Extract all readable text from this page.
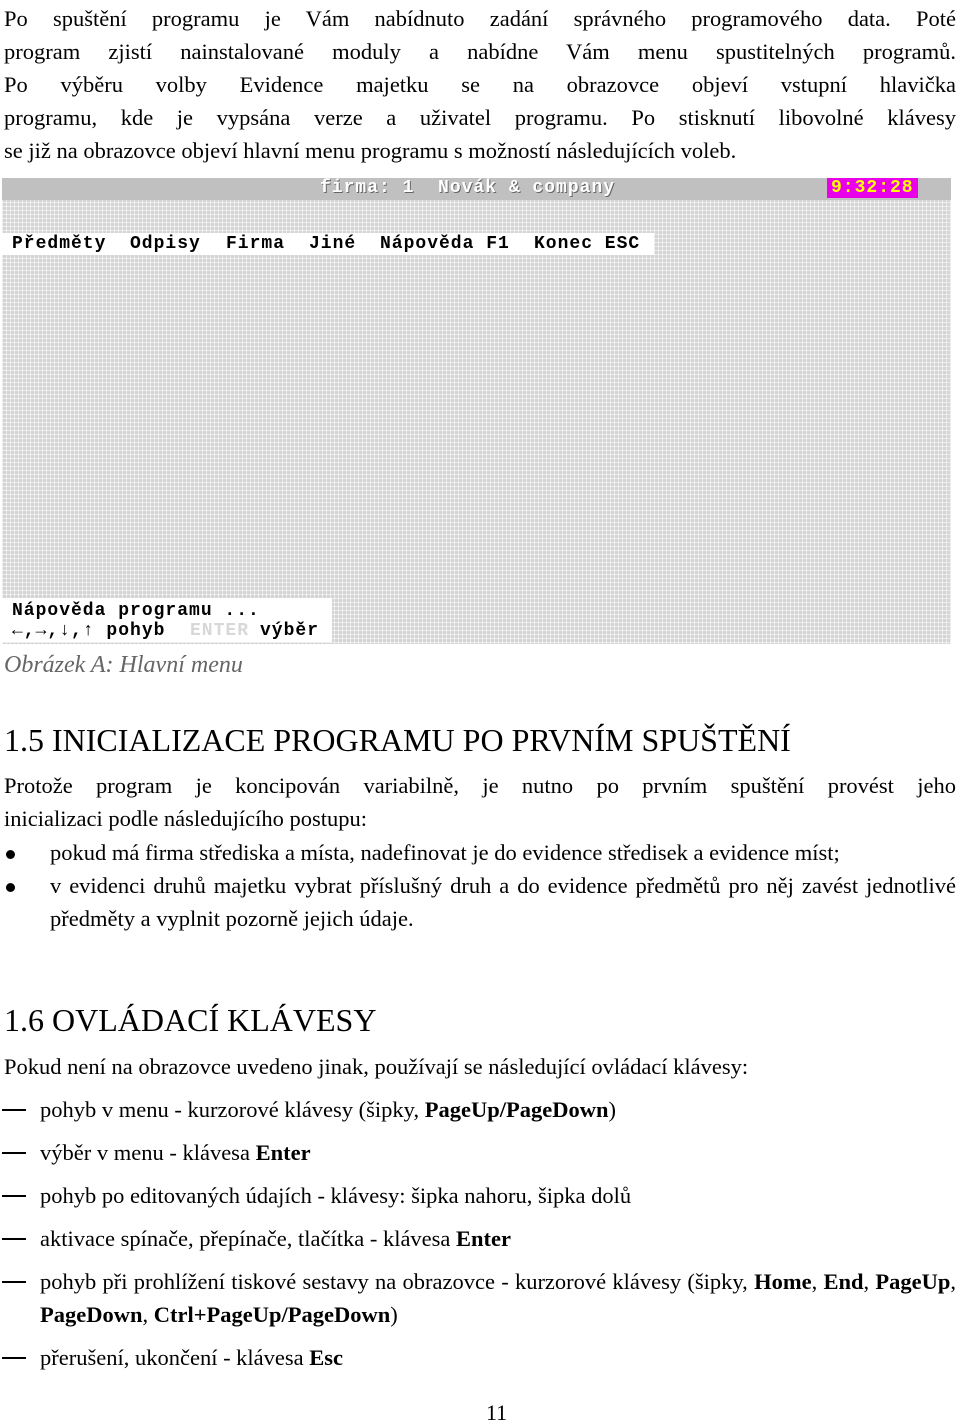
Po spuštění programu je Vám nabídnuto zadání správného programového data. Poté
program zjistí nainstalované moduly a nabídne Vám menu spustitelných programů.
Po výběru volby Evidence majetku se na obrazovce objeví vstupní hlavička
programu, kde je vypsána verze a uživatel programu. Po stisknutí libovolné klávesy
se již na obrazovce objeví hlavní menu programu s možností následujících voleb.
firma: 1  Novák & company	9:32:28
Předměty Odpisy Firma Jiné Nápověda F1 Konec ESC
Nápověda programu ...
←,→,↓,↑ pohyb ENTER výběr

Obrázek A: Hlavní menu

1.5 INICIALIZACE PROGRAMU PO PRVNÍM SPUŠTĚNÍ
Protože program je koncipován variabilně, je nutno po prvním spuštění provést jeho
inicializaci podle následujícího postupu:
pokud má firma střediska a místa, nadefinovat je do evidence středisek a evidence míst;
v evidenci druhů majetku vybrat příslušný druh a do evidence předmětů pro něj zavést jednotlivé předměty a vyplnit pozorně jejich údaje.
1.6 OVLÁDACÍ KLÁVESY
Pokud není na obrazovce uvedeno jinak, používají se následující ovládací klávesy:
pohyb v menu - kurzorové klávesy (šipky, PageUp/PageDown)
výběr v menu - klávesa Enter
pohyb po editovaných údajích - klávesy: šipka nahoru, šipka dolů
aktivace spínače, přepínače, tlačítka - klávesa Enter
pohyb při prohlížení tiskové sestavy na obrazovce - kurzorové klávesy (šipky, Home, End, PageUp, PageDown, Ctrl+PageUp/PageDown)
přerušení, ukončení - klávesa Esc
11
